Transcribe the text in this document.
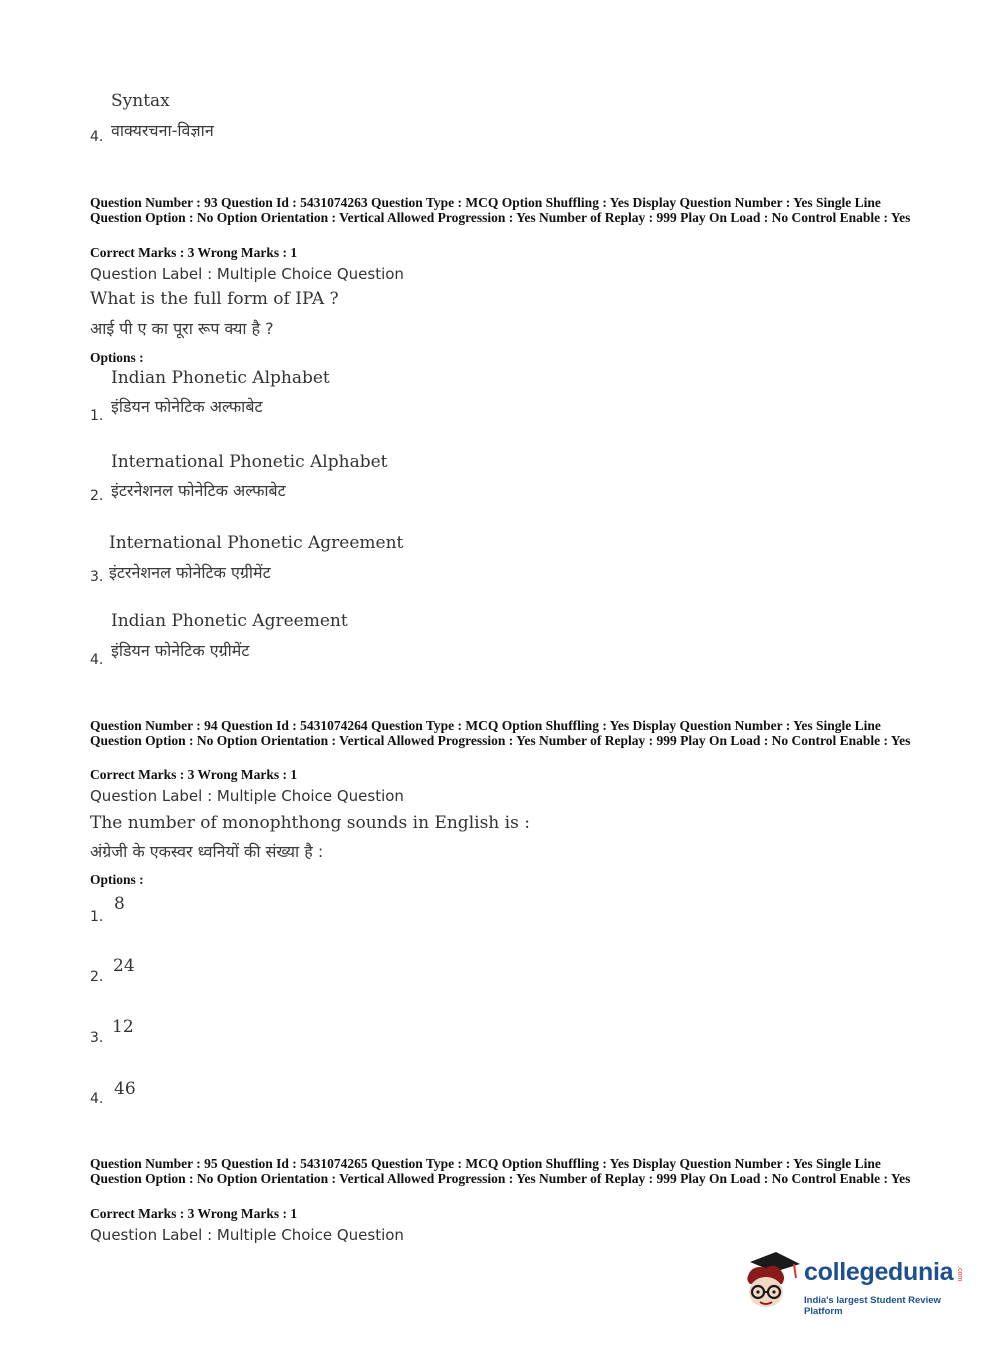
Syntax
वाक्यरचना-विज्ञान
4.
Question Number : 93 Question Id : 5431074263 Question Type : MCQ Option Shuffling : Yes Display Question Number : Yes Single Line Question Option : No Option Orientation : Vertical Allowed Progression : Yes Number of Replay : 999 Play On Load : No Control Enable : Yes
Correct Marks : 3 Wrong Marks : 1
Question Label : Multiple Choice Question
What is the full form of IPA ?
आई पी ए का पूरा रूप क्या है ?
Options :
Indian Phonetic Alphabet
इंडियन फोनेटिक अल्फाबेट
1.
International Phonetic Alphabet
इंटरनेशनल फोनेटिक अल्फाबेट
2.
International Phonetic Agreement
इंटरनेशनल फोनेटिक एग्रीमेंट
3.
Indian Phonetic Agreement
इंडियन फोनेटिक एग्रीमेंट
4.
Question Number : 94 Question Id : 5431074264 Question Type : MCQ Option Shuffling : Yes Display Question Number : Yes Single Line Question Option : No Option Orientation : Vertical Allowed Progression : Yes Number of Replay : 999 Play On Load : No Control Enable : Yes
Correct Marks : 3 Wrong Marks : 1
Question Label : Multiple Choice Question
The number of monophthong sounds in English is :
अंग्रेजी के एकस्वर ध्वनियों की संख्या है :
Options :
8
1.
24
2.
12
3.
46
4.
Question Number : 95 Question Id : 5431074265 Question Type : MCQ Option Shuffling : Yes Display Question Number : Yes Single Line Question Option : No Option Orientation : Vertical Allowed Progression : Yes Number of Replay : 999 Play On Load : No Control Enable : Yes
Correct Marks : 3 Wrong Marks : 1
Question Label : Multiple Choice Question
collegedunia .com
India's largest Student Review Platform
